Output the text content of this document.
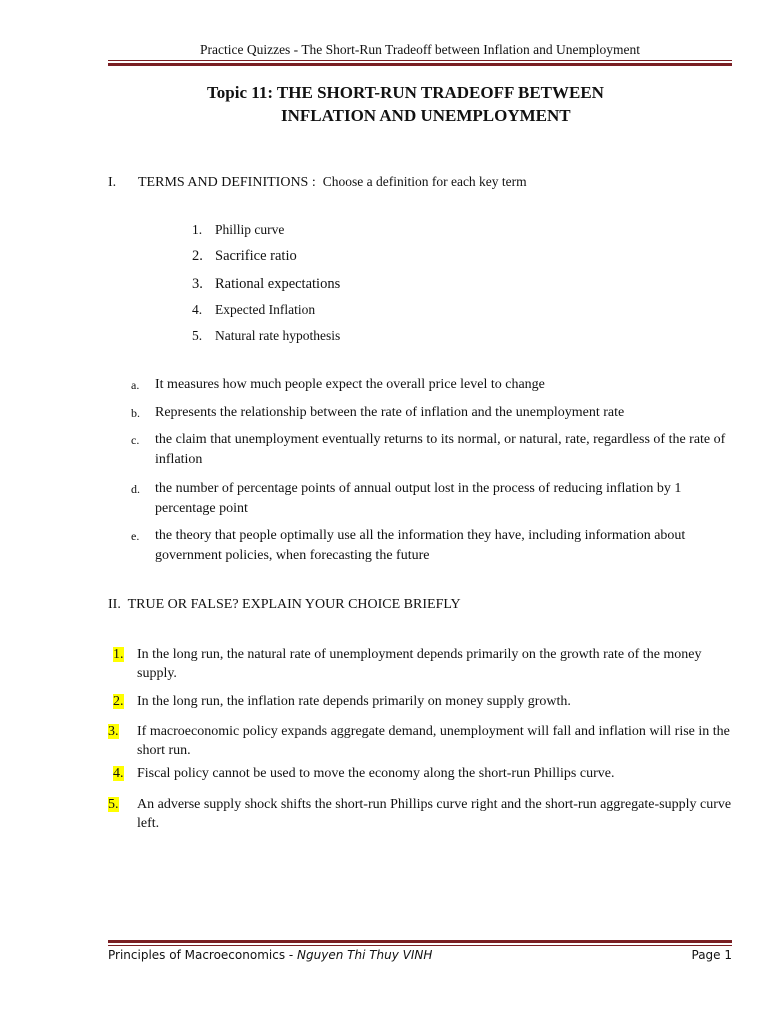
Practice Quizzes - The Short-Run Tradeoff between Inflation and Unemployment
Topic 11: THE SHORT-RUN TRADEOFF BETWEEN
INFLATION AND UNEMPLOYMENT
I. TERMS AND DEFINITIONS : Choose a definition for each key term
1. Phillip curve
2. Sacrifice ratio
3. Rational expectations
4. Expected Inflation
5. Natural rate hypothesis
a. It measures how much people expect the overall price level to change
b. Represents the relationship between the rate of inflation and the unemployment rate
c. the claim that unemployment eventually returns to its normal, or natural, rate, regardless of the rate of inflation
d. the number of percentage points of annual output lost in the process of reducing inflation by 1 percentage point
e. the theory that people optimally use all the information they have, including information about government policies, when forecasting the future
II. TRUE OR FALSE? EXPLAIN YOUR CHOICE BRIEFLY
1. In the long run, the natural rate of unemployment depends primarily on the growth rate of the money supply.
2. In the long run, the inflation rate depends primarily on money supply growth.
3.	If macroeconomic policy expands aggregate demand, unemployment will fall and inflation will rise in the short run.
4. Fiscal policy cannot be used to move the economy along the short-run Phillips curve.
5.	An adverse supply shock shifts the short-run Phillips curve right and the short-run aggregate-supply curve left.
Principles of Macroeconomics - Nguyen Thi Thuy VINH	Page 1
